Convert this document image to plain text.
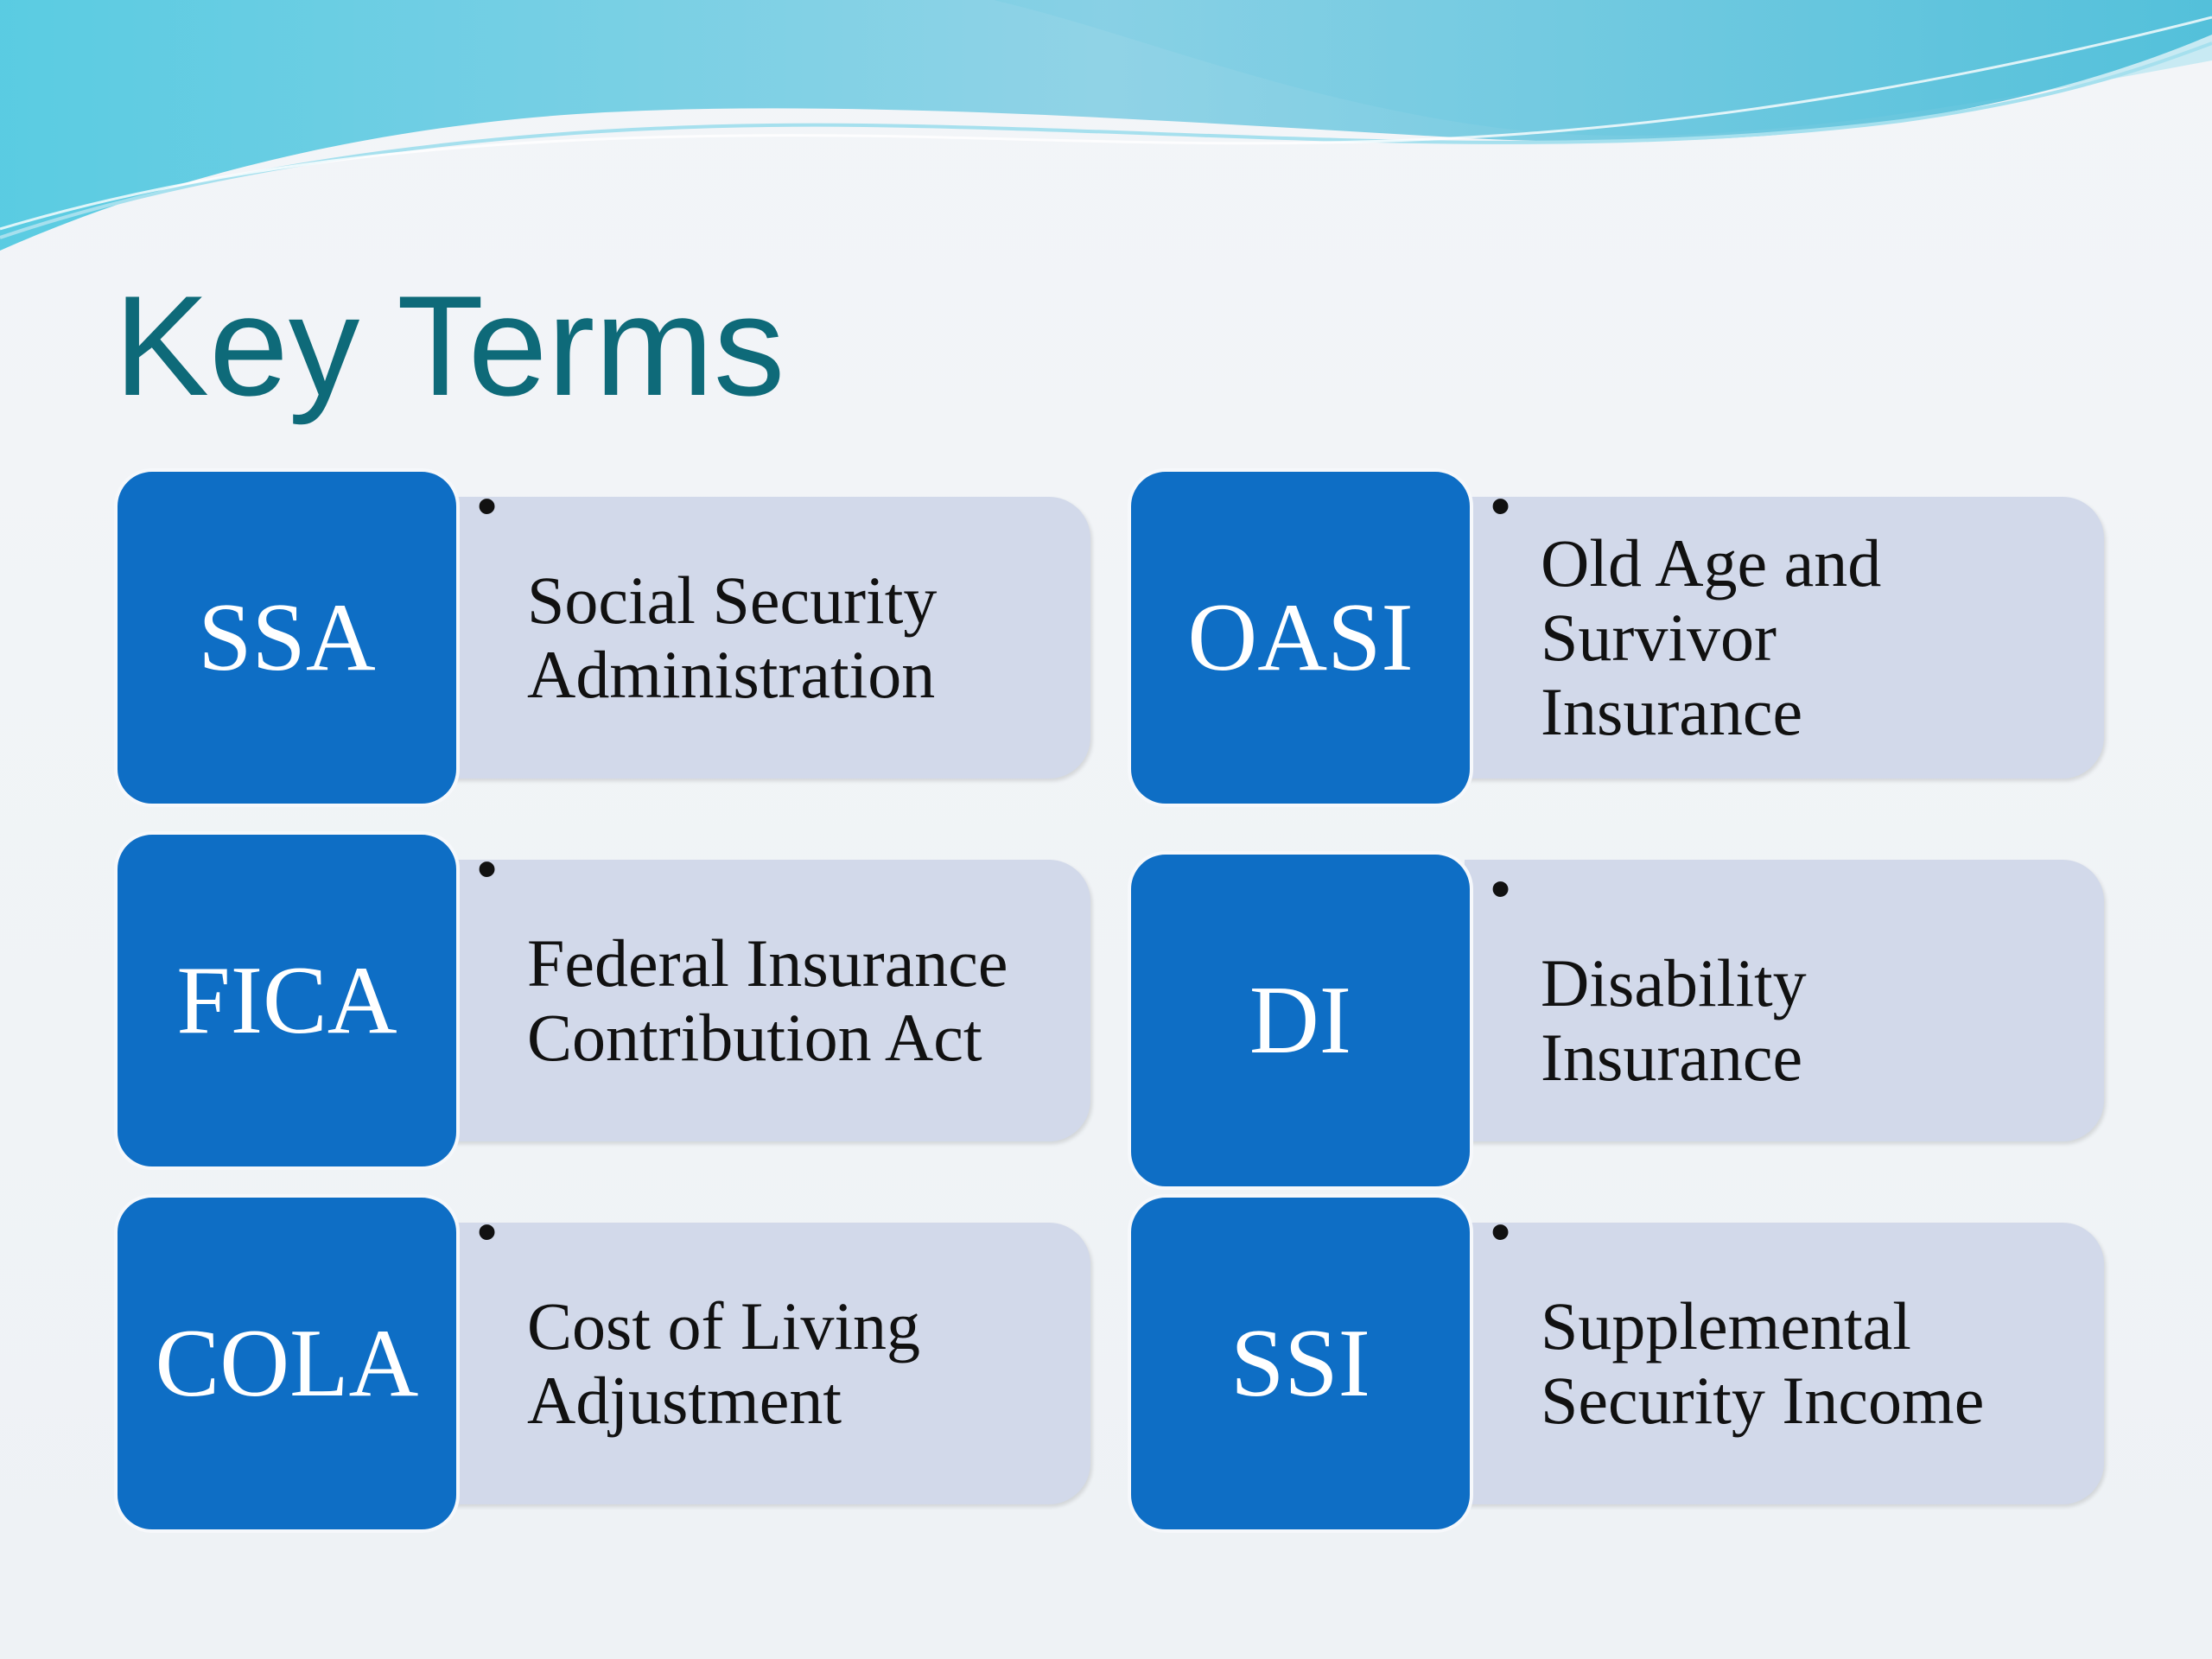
Key Terms
SSA
•
Social Security
Administration	OASI
•
Old Age and
Survivor
Insurance
FICA
•
Federal Insurance
Contribution Act	DI
•
Disability
Insurance
COLA
•
Cost of Living
Adjustment	SSI
•
Supplemental
Security Income
